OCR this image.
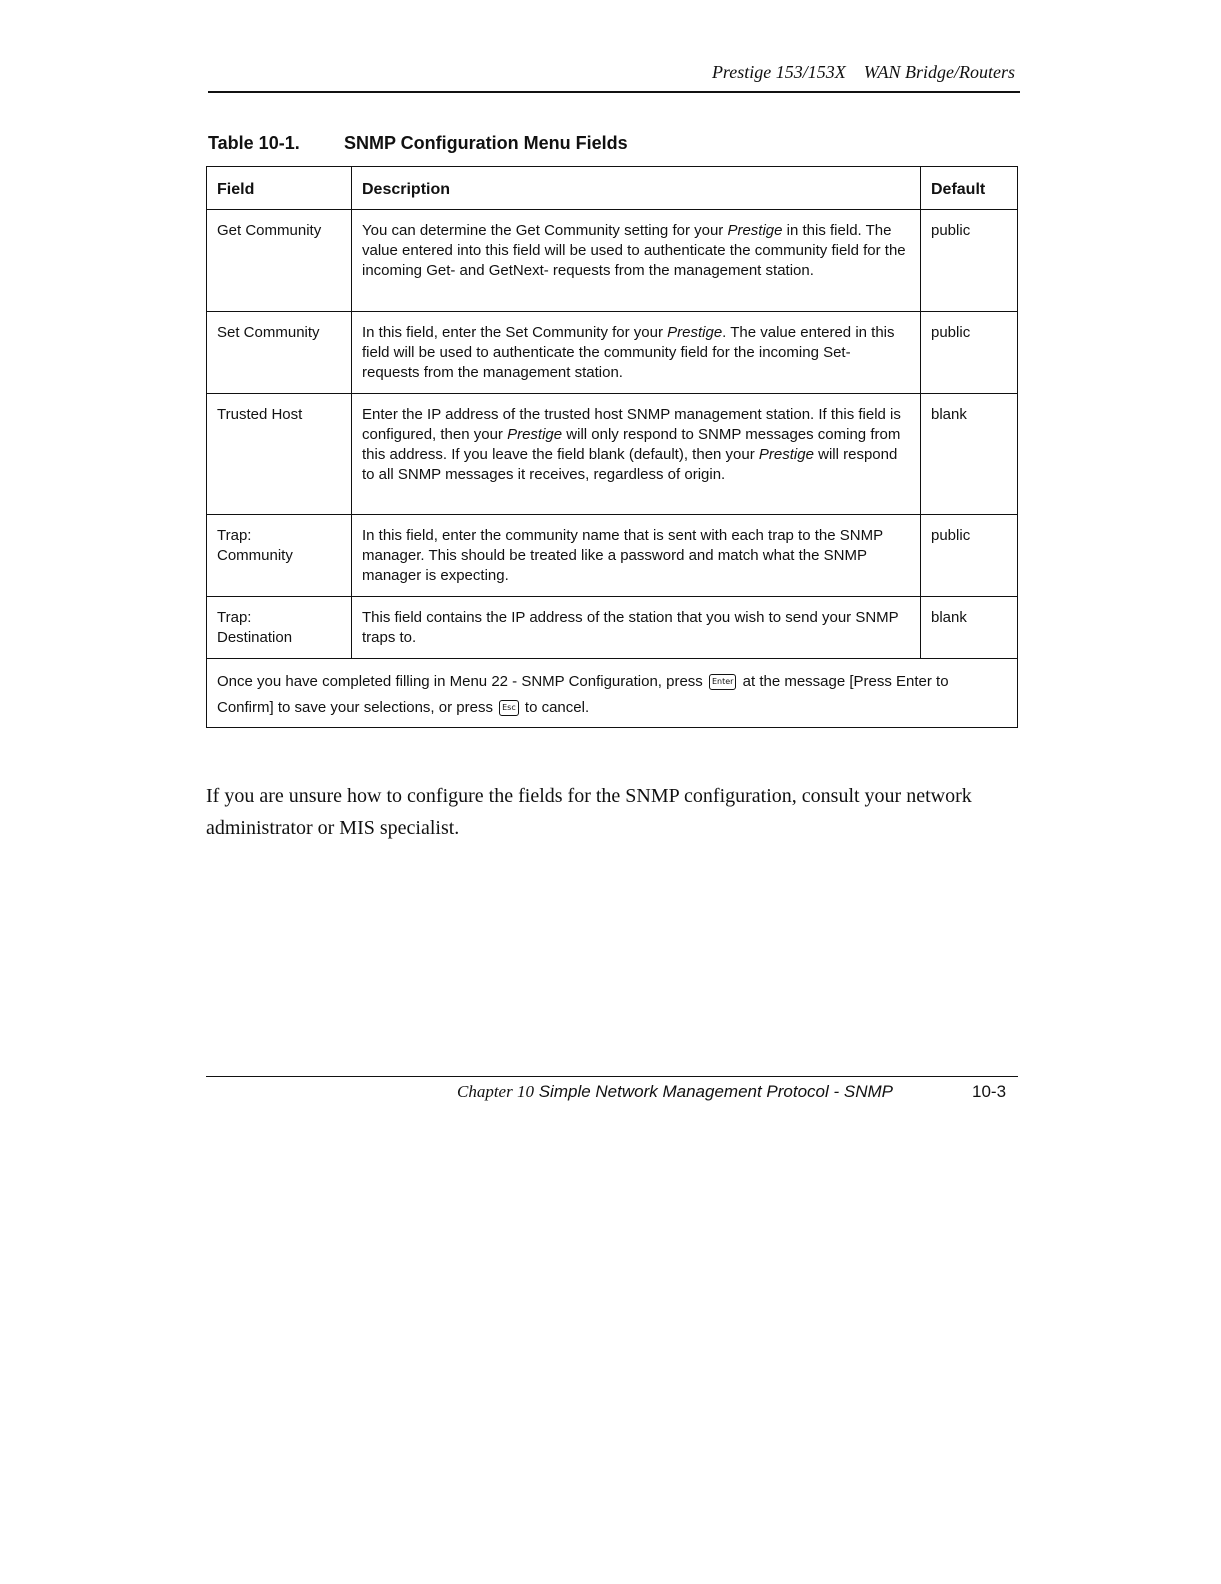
Prestige 153/153X WAN Bridge/Routers
Table 10-1. SNMP Configuration Menu Fields
Field	Description	Default
Get Community	You can determine the Get Community setting for your Prestige in this field. The value entered into this field will be used to authenticate the community field for the incoming Get- and GetNext- requests from the management station.	public
Set Community	In this field, enter the Set Community for your Prestige. The value entered in this field will be used to authenticate the community field for the incoming Set- requests from the management station.	public
Trusted Host	Enter the IP address of the trusted host SNMP management station. If this field is configured, then your Prestige will only respond to SNMP messages coming from this address. If you leave the field blank (default), then your Prestige will respond to all SNMP messages it receives, regardless of origin.	blank
Trap:
Community	In this field, enter the community name that is sent with each trap to the SNMP manager. This should be treated like a password and match what the SNMP manager is expecting.	public
Trap:
Destination	This field contains the IP address of the station that you wish to send your SNMP traps to.	blank
Once you have completed filling in Menu 22 - SNMP Configuration, press Enter at the message [Press Enter to Confirm] to save your selections, or press Esc to cancel.		
If you are unsure how to configure the fields for the SNMP configuration, consult your network administrator or MIS specialist.
Chapter 10 Simple Network Management Protocol - SNMP	10-3
